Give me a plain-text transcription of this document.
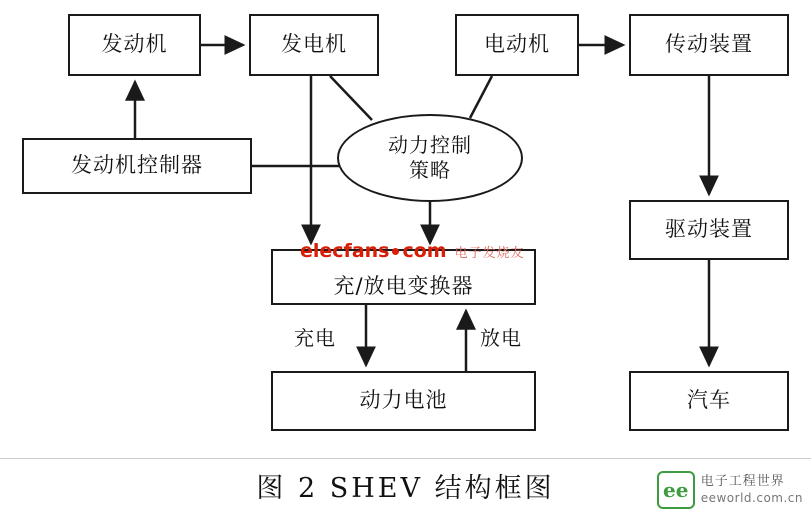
发动机	发电机	电动机	传动装置
发动机控制器
驱动装置
充/放电变换器
动力电池	汽车
动力控制
策略
充电	放电
elecfans com 电子发烧友
图 2 SHEV 结构框图	ee 电子工程世界
eeworld.com.cn
